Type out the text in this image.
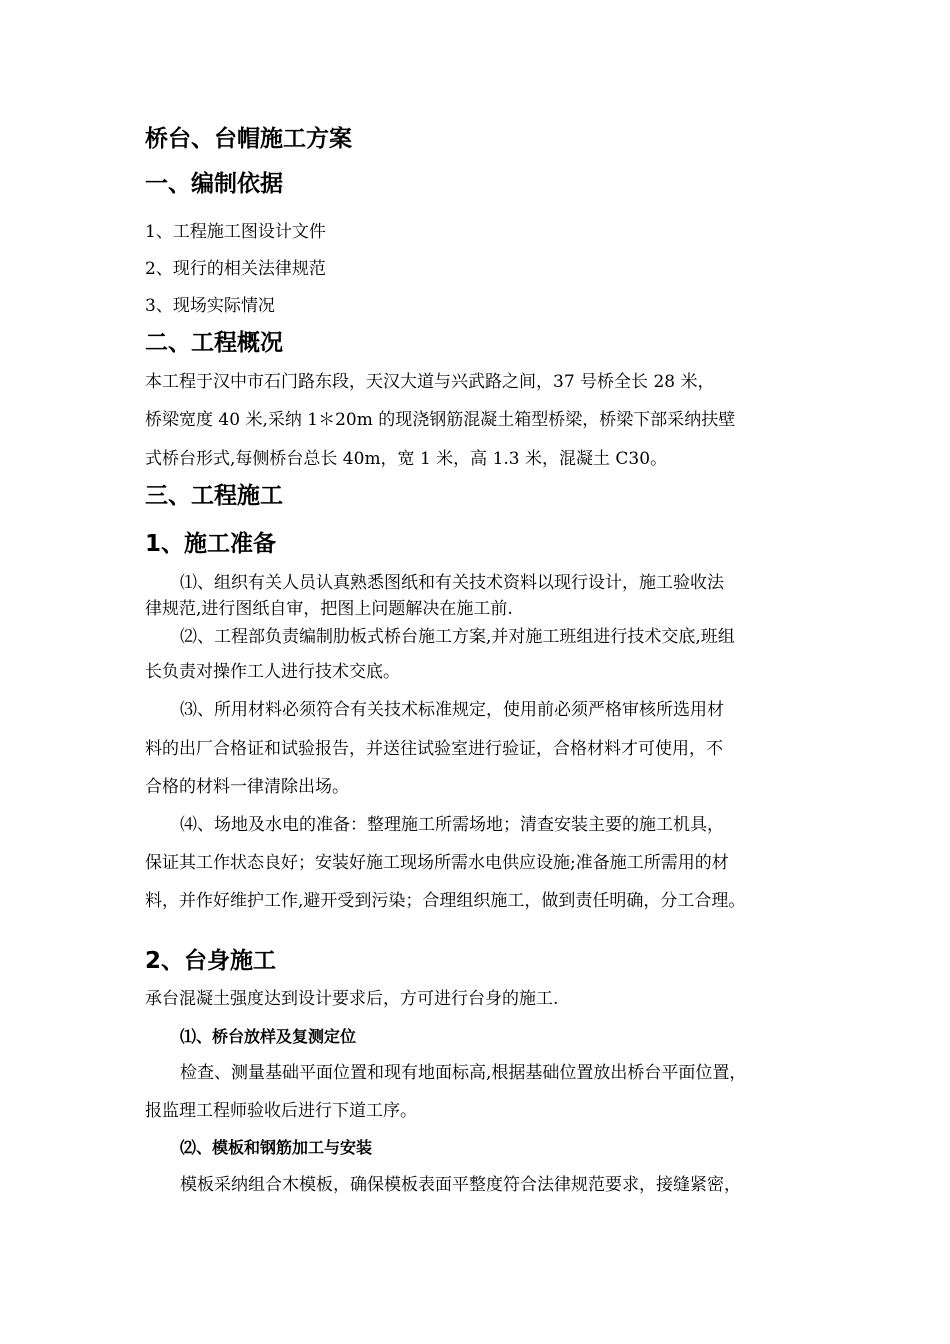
桥台、台帽施工方案
一、编制依据
1、工程施工图设计文件
2、现行的相关法律规范
3、现场实际情况
二、工程概况
本工程于汉中市石门路东段，天汉大道与兴武路之间，37 号桥全长 28 米，
桥梁宽度 40 米,采纳 1＊20m 的现浇钢筋混凝土箱型桥梁，桥梁下部采纳扶壁
式桥台形式,每侧桥台总长 40m，宽 1 米，高 1.3 米，混凝土 C30。
三、工程施工
1、施工准备
⑴、组织有关人员认真熟悉图纸和有关技术资料以现行设计，施工验收法
律规范,进行图纸自审，把图上问题解决在施工前.
⑵、工程部负责编制肋板式桥台施工方案,并对施工班组进行技术交底,班组
长负责对操作工人进行技术交底。
⑶、所用材料必须符合有关技术标准规定，使用前必须严格审核所选用材
料的出厂合格证和试验报告，并送往试验室进行验证，合格材料才可使用，不
合格的材料一律清除出场。
⑷、场地及水电的准备：整理施工所需场地；清查安装主要的施工机具，
保证其工作状态良好；安装好施工现场所需水电供应设施;准备施工所需用的材
料，并作好维护工作,避开受到污染；合理组织施工，做到责任明确，分工合理。
2、台身施工
承台混凝土强度达到设计要求后，方可进行台身的施工.
⑴、桥台放样及复测定位
检查、测量基础平面位置和现有地面标高,根据基础位置放出桥台平面位置，
报监理工程师验收后进行下道工序。
⑵、模板和钢筋加工与安装
模板采纳组合木模板，确保模板表面平整度符合法律规范要求，接缝紧密，
